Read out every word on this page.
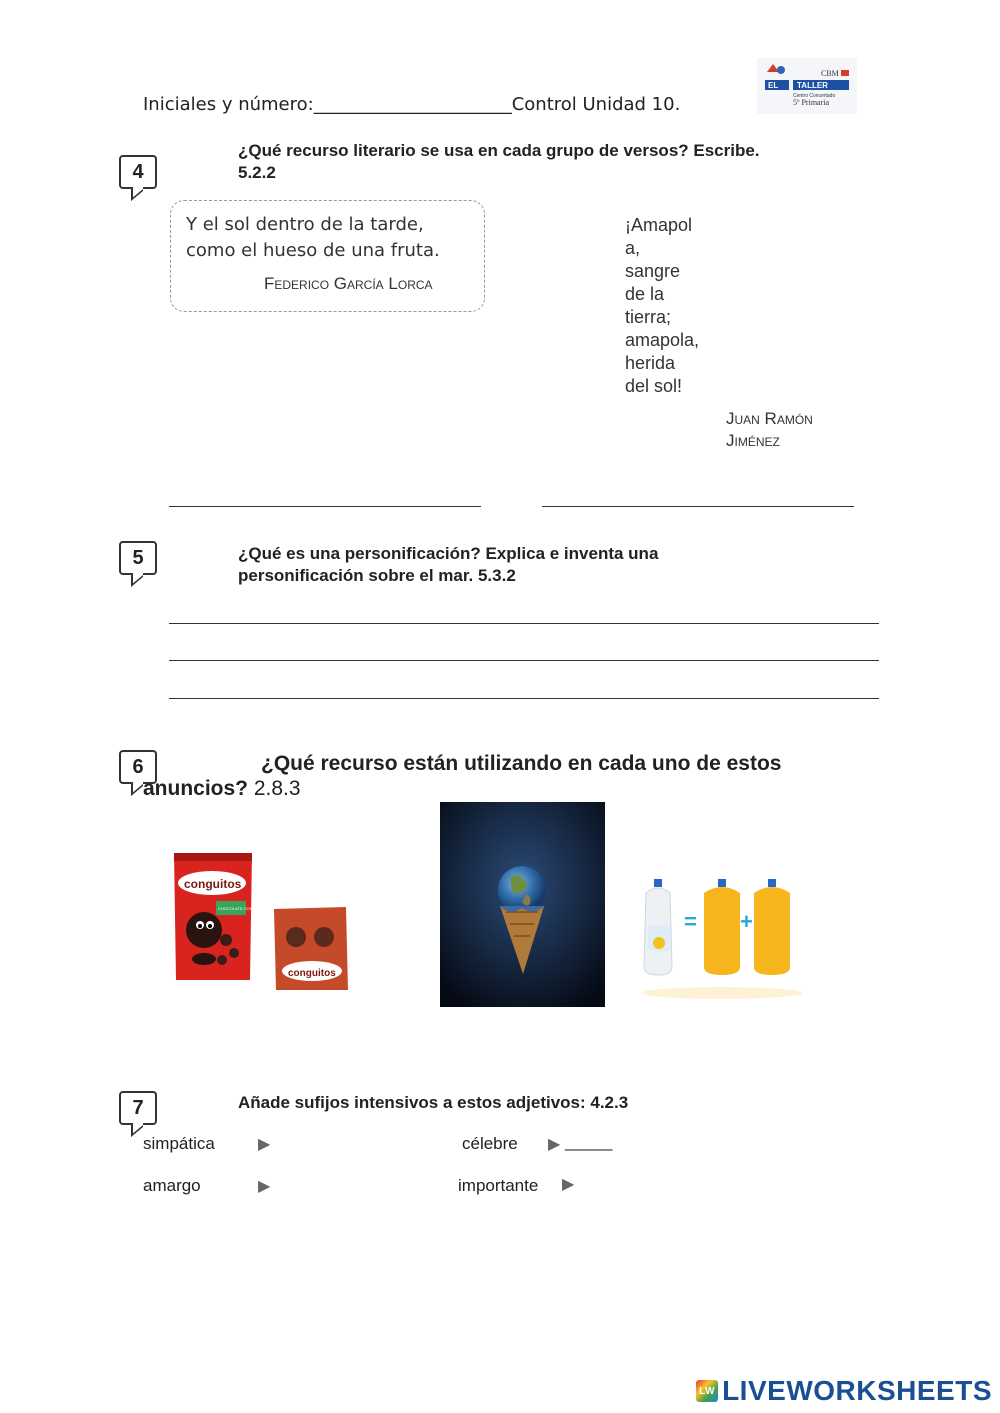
Iniciales y número:______________________Control Unidad 10.
EL TALLER
CBM
Centro Concertado
5º Primaria
4
¿Qué recurso literario se usa en cada grupo de versos? Escribe.
5.2.2
Y el sol dentro de la tarde,
como el hueso de una fruta.
Federico García Lorca
¡Amapol
a,
sangre
de la
tierra;
amapola,
herida
del sol!
Juan Ramón
Jiménez
5	¿Qué es una personificación? Explica e inventa una
personificación sobre el mar. 5.3.2
6	¿Qué recurso están utilizando en cada uno de estos
anuncios? 2.8.3
conguitos
CHOCOLATE CON LECHE
conguitos
= +
7	Añade sufijos intensivos a estos adjetivos: 4.2.3
simpática	▶	célebre ▶ _____
amargo	▶	importante ▶
LW LIVEWORKSHEETS
